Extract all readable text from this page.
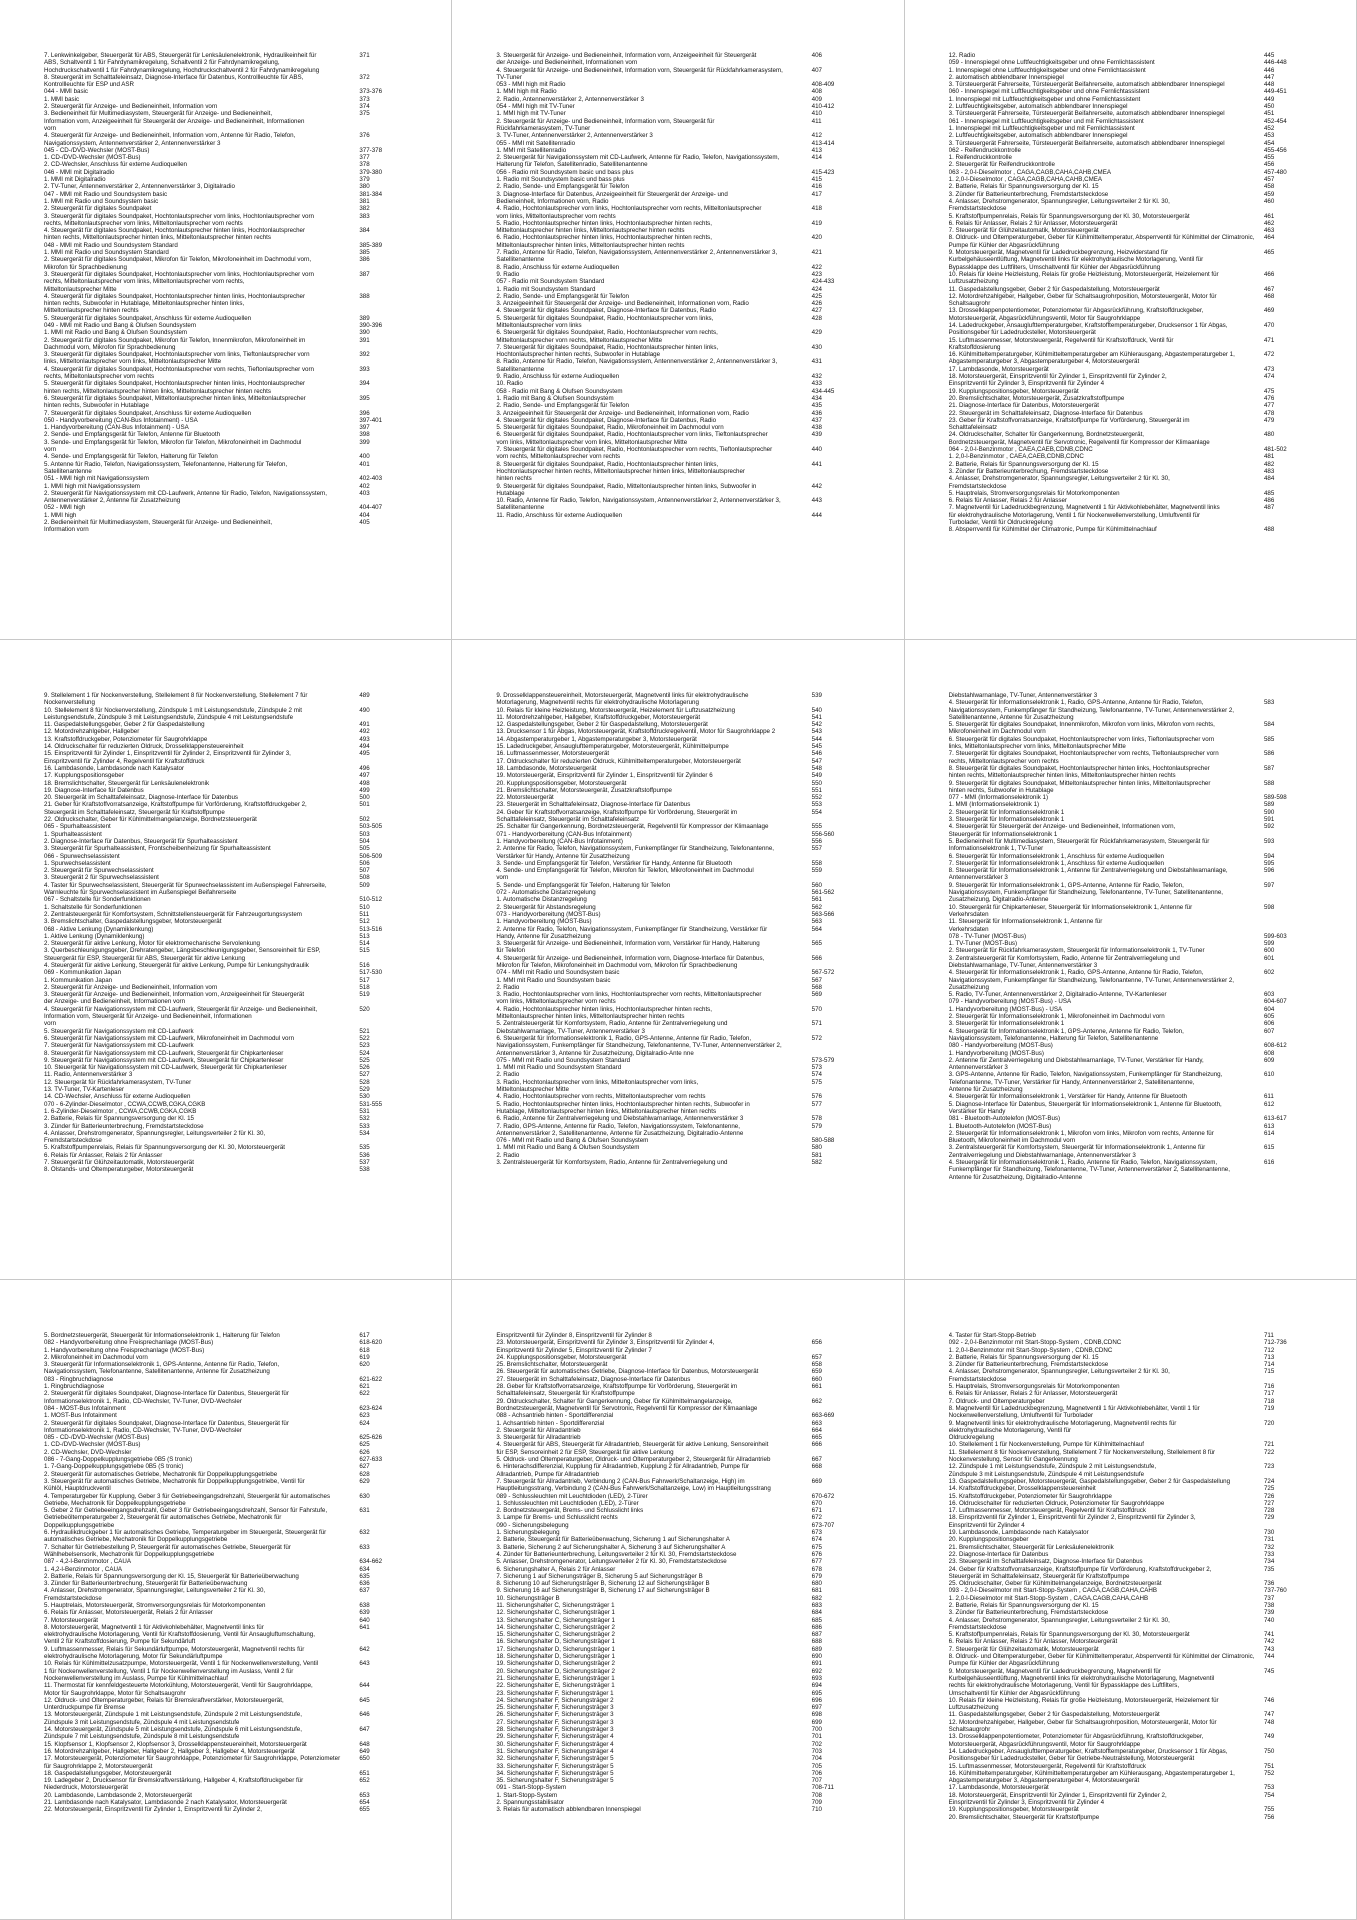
7. Lenkwinkelgeber, Steuergerät für ABS, Steuergerät für Lenksäulenelektronik, Hydraulikeinheit für	371
ABS, Schaltventil 1 für Fahrdynamikregelung, Schaltventil 2 für Fahrdynamikregelung,
Hochdruckschaltventil 1 für Fahrdynamikregelung, Hochdruckschaltventil 2 für Fahrdynamikregelung
8. Steuergerät im Schalttafeleinsatz, Diagnose-Interface für Datenbus, Kontrollleuchte für ABS,	372
Kontrollleuchte für ESP und ASR
044 - MMI basic	373-376
1. MMI basic	373
2. Steuergerät für Anzeige- und Bedieneinheit, Information vorn	374
3. Bedieneinheit für Multimediasystem, Steuergerät für Anzeige- und Bedieneinheit,	375
Information vorn, Anzeigeeinheit für Steuergerät der Anzeige- und Bedieneinheit, Informationen
vorn
4. Steuergerät für Anzeige- und Bedieneinheit, Information vorn, Antenne für Radio, Telefon,	376
Navigationssystem, Antennenverstärker 2, Antennenverstärker 3
045 - CD-/DVD-Wechsler (MOST-Bus)	377-378
1. CD-/DVD-Wechsler (MOST-Bus)	377
2. CD-Wechsler, Anschluss für externe Audioquellen	378
046 - MMI mit Digitalradio	379-380
1. MMI mit Digitalradio	379
2. TV-Tuner, Antennenverstärker 2, Antennenverstärker 3, Digitalradio	380
047 - MMI mit Radio und Soundsystem basic	381-384
1. MMI mit Radio und Soundsystem basic	381
2. Steuergerät für digitales Soundpaket	382
3. Steuergerät für digitales Soundpaket, Hochtonlautsprecher vorn links, Hochtonlautsprecher vorn	383
rechts, Mitteltonlautsprecher vorn links, Mitteltonlautsprecher vorn rechts
4. Steuergerät für digitales Soundpaket, Hochtonlautsprecher hinten links, Hochtonlautsprecher	384
hinten rechts, Mitteltonlautsprecher hinten links, Mitteltonlautsprecher hinten rechts
048 - MMI mit Radio und Soundsystem Standard	385-389
1. MMI mit Radio und Soundsystem Standard	385
2. Steuergerät für digitales Soundpaket, Mikrofon für Telefon, Mikrofoneinheit im Dachmodul vorn,	386
Mikrofon für Sprachbedienung
3. Steuergerät für digitales Soundpaket, Hochtonlautsprecher vorn links, Hochtonlautsprecher vorn	387
rechts, Mitteltonlautsprecher vorn links, Mitteltonlautsprecher vorn rechts,
Mitteltonlautsprecher Mitte
4. Steuergerät für digitales Soundpaket, Hochtonlautsprecher hinten links, Hochtonlautsprecher	388
hinten rechts, Subwoofer in Hutablage, Mitteltonlautsprecher hinten links,
Mitteltonlautsprecher hinten rechts
5. Steuergerät für digitales Soundpaket, Anschluss für externe Audioquellen	389
049 - MMI mit Radio und Bang & Olufsen Soundsystem	390-396
1. MMI mit Radio und Bang & Olufsen Soundsystem	390
2. Steuergerät für digitales Soundpaket, Mikrofon für Telefon, Innenmikrofon, Mikrofoneinheit im	391
Dachmodul vorn, Mikrofon für Sprachbedienung
3. Steuergerät für digitales Soundpaket, Hochtonlautsprecher vorn links, Tieftonlautsprecher vorn	392
links, Mitteltonlautsprecher vorn links, Mitteltonlautsprecher Mitte
4. Steuergerät für digitales Soundpaket, Hochtonlautsprecher vorn rechts, Tieftonlautsprecher vorn	393
rechts, Mitteltonlautsprecher vorn rechts
5. Steuergerät für digitales Soundpaket, Hochtonlautsprecher hinten links, Hochtonlautsprecher	394
hinten rechts, Mitteltonlautsprecher hinten links, Mitteltonlautsprecher hinten rechts
6. Steuergerät für digitales Soundpaket, Mitteltonlautsprecher hinten links, Mitteltonlautsprecher	395
hinten rechts, Subwoofer in Hutablage
7. Steuergerät für digitales Soundpaket, Anschluss für externe Audioquellen	396
050 - Handyvorbereitung (CAN-Bus Infotainment) - USA	397-401
1. Handyvorbereitung (CAN-Bus Infotainment) - USA	397
2. Sende- und Empfangsgerät für Telefon, Antenne für Bluetooth	398
3. Sende- und Empfangsgerät für Telefon, Mikrofon für Telefon, Mikrofoneinheit im Dachmodul	399
vorn
4. Sende- und Empfangsgerät für Telefon, Halterung für Telefon	400
5. Antenne für Radio, Telefon, Navigationssystem, Telefonantenne, Halterung für Telefon,	401
Satellitenantenne
051 - MMI high mit Navigationssystem	402-403
1. MMI high mit Navigationssystem	402
2. Steuergerät für Navigationssystem mit CD-Laufwerk, Antenne für Radio, Telefon, Navigationssystem,	403
Antennenverstärker 2, Antenne für Zusatzheizung
052 - MMI high	404-407
1. MMI high	404
2. Bedieneinheit für Multimediasystem, Steuergerät für Anzeige- und Bedieneinheit,	405
Information vorn
3. Steuergerät für Anzeige- und Bedieneinheit, Information vorn, Anzeigeeinheit für Steuergerät	406
der Anzeige- und Bedieneinheit, Informationen vorn
4. Steuergerät für Anzeige- und Bedieneinheit, Information vorn, Steuergerät für Rückfahrkamerasystem,	407
TV-Tuner
053 - MMI high mit Radio	408-409
1. MMI high mit Radio	408
2. Radio, Antennenverstärker 2, Antennenverstärker 3	409
054 - MMI high mit TV-Tuner	410-412
1. MMI high mit TV-Tuner	410
2. Steuergerät für Anzeige- und Bedieneinheit, Information vorn, Steuergerät für	411
Rückfahrkamerasystem, TV-Tuner
3. TV-Tuner, Antennenverstärker 2, Antennenverstärker 3	412
055 - MMI mit Satellitenradio	413-414
1. MMI mit Satellitenradio	413
2. Steuergerät für Navigationssystem mit CD-Laufwerk, Antenne für Radio, Telefon, Navigationssystem,	414
Halterung für Telefon, Satellitenradio, Satellitenantenne
056 - Radio mit Soundsystem basic und bass plus	415-423
1. Radio mit Soundsystem basic und bass plus	415
2. Radio, Sende- und Empfangsgerät für Telefon	416
3. Diagnose-Interface für Datenbus, Anzeigeeinheit für Steuergerät der Anzeige- und	417
Bedieneinheit, Informationen vorn, Radio
4. Radio, Hochtonlautsprecher vorn links, Hochtonlautsprecher vorn rechts, Mitteltonlautsprecher	418
vorn links, Mitteltonlautsprecher vorn rechts
5. Radio, Hochtonlautsprecher hinten links, Hochtonlautsprecher hinten rechts,	419
Mitteltonlautsprecher hinten links, Mitteltonlautsprecher hinten rechts
6. Radio, Hochtonlautsprecher hinten links, Hochtonlautsprecher hinten rechts,	420
Mitteltonlautsprecher hinten links, Mitteltonlautsprecher hinten rechts
7. Radio, Antenne für Radio, Telefon, Navigationssystem, Antennenverstärker 2, Antennenverstärker 3,	421
Satellitenantenne
8. Radio, Anschluss für externe Audioquellen	422
9. Radio	423
057 - Radio mit Soundsystem Standard	424-433
1. Radio mit Soundsystem Standard	424
2. Radio, Sende- und Empfangsgerät für Telefon	425
3. Anzeigeeinheit für Steuergerät der Anzeige- und Bedieneinheit, Informationen vorn, Radio	426
4. Steuergerät für digitales Soundpaket, Diagnose-Interface für Datenbus, Radio	427
5. Steuergerät für digitales Soundpaket, Radio, Hochtonlautsprecher vorn links,	428
Mitteltonlautsprecher vorn links
6. Steuergerät für digitales Soundpaket, Radio, Hochtonlautsprecher vorn rechts,	429
Mitteltonlautsprecher vorn rechts, Mitteltonlautsprecher Mitte
7. Steuergerät für digitales Soundpaket, Radio, Hochtonlautsprecher hinten links,	430
Hochtonlautsprecher hinten rechts, Subwoofer in Hutablage
8. Radio, Antenne für Radio, Telefon, Navigationssystem, Antennenverstärker 2, Antennenverstärker 3,	431
Satellitenantenne
9. Radio, Anschluss für externe Audioquellen	432
10. Radio	433
058 - Radio mit Bang & Olufsen Soundsystem	434-445
1. Radio mit Bang & Olufsen Soundsystem	434
2. Radio, Sende- und Empfangsgerät für Telefon	435
3. Anzeigeeinheit für Steuergerät der Anzeige- und Bedieneinheit, Informationen vorn, Radio	436
4. Steuergerät für digitales Soundpaket, Diagnose-Interface für Datenbus, Radio	437
5. Steuergerät für digitales Soundpaket, Radio, Mikrofoneinheit im Dachmodul vorn	438
6. Steuergerät für digitales Soundpaket, Radio, Hochtonlautsprecher vorn links, Tieftonlautsprecher	439
vorn links, Mitteltonlautsprecher vorn links, Mitteltonlautsprecher Mitte
7. Steuergerät für digitales Soundpaket, Radio, Hochtonlautsprecher vorn rechts, Tieftonlautsprecher	440
vorn rechts, Mitteltonlautsprecher vorn rechts
8. Steuergerät für digitales Soundpaket, Radio, Hochtonlautsprecher hinten links,	441
Hochtonlautsprecher hinten rechts, Mitteltonlautsprecher hinten links, Mitteltonlautsprecher
hinten rechts
9. Steuergerät für digitales Soundpaket, Radio, Mitteltonlautsprecher hinten links, Subwoofer in	442
Hutablage
10. Radio, Antenne für Radio, Telefon, Navigationssystem, Antennenverstärker 2, Antennenverstärker 3,	443
Satellitenantenne
11. Radio, Anschluss für externe Audioquellen	444
12. Radio	445
059 - Innenspiegel ohne Luftfeuchtigkeitsgeber und ohne Fernlichtassistent	446-448
1. Innenspiegel ohne Luftfeuchtigkeitsgeber und ohne Fernlichtassistent	446
2. automatisch abblendbarer Innenspiegel	447
3. Türsteuergerät Fahrerseite, Türsteuergerät Beifahrerseite, automatisch abblendbarer Innenspiegel	448
060 - Innenspiegel mit Luftfeuchtigkeitsgeber und ohne Fernlichtassistent	449-451
1. Innenspiegel mit Luftfeuchtigkeitsgeber und ohne Fernlichtassistent	449
2. Luftfeuchtigkeitsgeber, automatisch abblendbarer Innenspiegel	450
3. Türsteuergerät Fahrerseite, Türsteuergerät Beifahrerseite, automatisch abblendbarer Innenspiegel	451
061 - Innenspiegel mit Luftfeuchtigkeitsgeber und mit Fernlichtassistent	452-454
1. Innenspiegel mit Luftfeuchtigkeitsgeber und mit Fernlichtassistent	452
2. Luftfeuchtigkeitsgeber, automatisch abblendbarer Innenspiegel	453
3. Türsteuergerät Fahrerseite, Türsteuergerät Beifahrerseite, automatisch abblendbarer Innenspiegel	454
062 - Reifendruckkontrolle	455-456
1. Reifendruckkontrolle	455
2. Steuergerät für Reifendruckkontrolle	456
063 - 2,0-l-Dieselmotor , CAGA,CAGB,CAHA,CAHB,CMEA	457-480
1. 2,0-l-Dieselmotor , CAGA,CAGB,CAHA,CAHB,CMEA	457
2. Batterie, Relais für Spannungsversorgung der Kl. 15	458
3. Zünder für Batterieunterbrechung, Fremdstartsteckdose	459
4. Anlasser, Drehstromgenerator, Spannungsregler, Leitungsverteiler 2 für Kl. 30,	460
Fremdstartsteckdose
5. Kraftstoffpumpenrelais, Relais für Spannungsversorgung der Kl. 30, Motorsteuergerät	461
6. Relais für Anlasser, Relais 2 für Anlasser, Motorsteuergerät	462
7. Steuergerät für Glühzeitautomatik, Motorsteuergerät	463
8. Öldruck- und Öltemperaturgeber, Geber für Kühlmitteltemperatur, Absperrventil für Kühlmittel der Climatronic,	464
Pumpe für Kühler der Abgasrückführung
9. Motorsteuergerät, Magnetventil für Ladedruckbegrenzung, Heizwiderstand für	465
Kurbelgehäuseentlüftung, Magnetventil links für elektrohydraulische Motorlagerung, Ventil für
Bypassklappe des Luftfilters, Umschaltventil für Kühler der Abgasrückführung
10. Relais für kleine Heizleistung, Relais für große Heizleistung, Motorsteuergerät, Heizelement für	466
Luftzusatzheizung
11. Gaspedalstellungsgeber, Geber 2 für Gaspedalstellung, Motorsteuergerät	467
12. Motordrehzahlgeber, Hallgeber, Geber für Schaltsaugrohrposition, Motorsteuergerät, Motor für	468
Schaltsaugrohr
13. Drosselklappenpotentiometer, Potenziometer für Abgasrückführung, Kraftstoffdruckgeber,	469
Motorsteuergerät, Abgasrückführungsventil, Motor für Saugrohrklappe
14. Ladedruckgeber, Ansauglufttemperaturgeber, Kraftstofftemperaturgeber, Drucksensor 1 für Abgas,	470
Positionsgeber für Ladedrucksteller, Motorsteuergerät
15. Luftmassenmesser, Motorsteuergerät, Regelventil für Kraftstoffdruck, Ventil für	471
Kraftstoffdosierung
16. Kühlmitteltemperaturgeber, Kühlmitteltemperaturgeber am Kühlerausgang, Abgastemperaturgeber 1,	472
Abgastemperaturgeber 3, Abgastemperaturgeber 4, Motorsteuergerät
17. Lambdasonde, Motorsteuergerät	473
18. Motorsteuergerät, Einspritzventil für Zylinder 1, Einspritzventil für Zylinder 2,	474
Einspritzventil für Zylinder 3, Einspritzventil für Zylinder 4
19. Kupplungspositionsgeber, Motorsteuergerät	475
20. Bremslichtschalter, Motorsteuergerät, Zusatzkraftstoffpumpe	476
21. Diagnose-Interface für Datenbus, Motorsteuergerät	477
22. Steuergerät im Schalttafeleinsatz, Diagnose-Interface für Datenbus	478
23. Geber für Kraftstoffvorratsanzeige, Kraftstoffpumpe für Vorförderung, Steuergerät im	479
Schalttafeleinsatz
24. Öldruckschalter, Schalter für Gangerkennung, Bordnetzsteuergerät,	480
Bordnetzsteuergerät, Magnetventil für Servotronic, Regelventil für Kompressor der Klimaanlage
064 - 2,0-l-Benzinmotor , CAEA,CAEB,CDNB,CDNC	481-502
1. 2,0-l-Benzinmotor , CAEA,CAEB,CDNB,CDNC	481
2. Batterie, Relais für Spannungsversorgung der Kl. 15	482
3. Zünder für Batterieunterbrechung, Fremdstartsteckdose	483
4. Anlasser, Drehstromgenerator, Spannungsregler, Leitungsverteiler 2 für Kl. 30,	484
Fremdstartsteckdose
5. Hauptrelais, Stromversorgungsrelais für Motorkomponenten	485
6. Relais für Anlasser, Relais 2 für Anlasser	486
7. Magnetventil für Ladedruckbegrenzung, Magnetventil 1 für Aktivkohlebehälter, Magnetventil links	487
für elektrohydraulische Motorlagerung, Ventil 1 für Nockenwellenverstellung, Umluftventil für
Turbolader, Ventil für Öldruckregelung
8. Absperrventil für Kühlmittel der Climatronic, Pumpe für Kühlmittelnachlauf	488
9. Stellelement 1 für Nockenverstellung, Stellelement 8 für Nockenverstellung, Stellelement 7 für	489
Nockenverstellung
10. Stellelement 8 für Nockenverstellung, Zündspule 1 mit Leistungsendstufe, Zündspule 2 mit	490
Leistungsendstufe, Zündspule 3 mit Leistungsendstufe, Zündspule 4 mit Leistungsendstufe
11. Gaspedalstellungsgeber, Geber 2 für Gaspedalstellung	491
12. Motordrehzahlgeber, Hallgeber	492
13. Kraftstoffdruckgeber, Potenziometer für Saugrohrklappe	493
14. Öldruckschalter für reduzierten Öldruck, Drosselklappensteuereinheit	494
15. Einspritzventil für Zylinder 1, Einspritzventil für Zylinder 2, Einspritzventil für Zylinder 3,	495
Einspritzventil für Zylinder 4, Regelventil für Kraftstoffdruck
16. Lambdasonde, Lambdasonde nach Katalysator	496
17. Kupplungspositionsgeber	497
18. Bremslichtschalter, Steuergerät für Lenksäulenelektronik	498
19. Diagnose-Interface für Datenbus	499
20. Steuergerät im Schalttafeleinsatz, Diagnose-Interface für Datenbus	500
21. Geber für Kraftstoffvorratsanzeige, Kraftstoffpumpe für Vorförderung, Kraftstoffdruckgeber 2,	501
Steuergerät im Schalttafeleinsatz, Steuergerät für Kraftstoffpumpe
22. Öldruckschalter, Geber für Kühlmittelmangelanzeige, Bordnetzsteuergerät	502
065 - Spurhalteassistent	503-505
1. Spurhalteassistent	503
2. Diagnose-Interface für Datenbus, Steuergerät für Spurhalteassistent	504
3. Steuergerät für Spurhalteassistent, Frontscheibenheizung für Spurhalteassistent	505
066 - Spurwechselassistent	506-509
1. Spurwechselassistent	506
2. Steuergerät für Spurwechselassistent	507
3. Steuergerät 2 für Spurwechselassistent	508
4. Taster für Spurwechselassistent, Steuergerät für Spurwechselassistent im Außenspiegel Fahrerseite,	509
Warnleuchte für Spurwechselassistent im Außenspiegel Beifahrerseite
067 - Schaltstelle für Sonderfunktionen	510-512
1. Schaltstelle für Sonderfunktionen	510
2. Zentralsteuergerät für Komfortsystem, Schnittstellensteuergerät für Fahrzeugortungssystem	511
3. Bremslichtschalter, Gaspedalstellungsgeber, Motorsteuergerät	512
068 - Aktive Lenkung (Dynamiklenkung)	513-516
1. Aktive Lenkung (Dynamiklenkung)	513
2. Steuergerät für aktive Lenkung, Motor für elektromechanische Servolenkung	514
3. Querbeschleunigungsgeber, Drehratengeber, Längsbeschleunigungsgeber, Sensoreinheit für ESP,	515
Steuergerät für ESP, Steuergerät für ABS, Steuergerät für aktive Lenkung
4. Steuergerät für aktive Lenkung, Steuergerät für aktive Lenkung, Pumpe für Lenkungshydraulik	516
069 - Kommunikation Japan	517-530
1. Kommunikation Japan	517
2. Steuergerät für Anzeige- und Bedieneinheit, Information vorn	518
3. Steuergerät für Anzeige- und Bedieneinheit, Information vorn, Anzeigeeinheit für Steuergerät	519
der Anzeige- und Bedieneinheit, Informationen vorn
4. Steuergerät für Navigationssystem mit CD-Laufwerk, Steuergerät für Anzeige- und Bedieneinheit,	520
Information vorn, Steuergerät für Anzeige- und Bedieneinheit, Informationen
vorn
5. Steuergerät für Navigationssystem mit CD-Laufwerk	521
6. Steuergerät für Navigationssystem mit CD-Laufwerk, Mikrofoneinheit im Dachmodul vorn	522
7. Steuergerät für Navigationssystem mit CD-Laufwerk	523
8. Steuergerät für Navigationssystem mit CD-Laufwerk, Steuergerät für Chipkartenleser	524
9. Steuergerät für Navigationssystem mit CD-Laufwerk, Steuergerät für Chipkartenleser	525
10. Steuergerät für Navigationssystem mit CD-Laufwerk, Steuergerät für Chipkartenleser	526
11. Radio, Antennenverstärker 3	527
12. Steuergerät für Rückfahrkamerasystem, TV-Tuner	528
13. TV-Tuner, TV-Kartenleser	529
14. CD-Wechsler, Anschluss für externe Audioquellen	530
070 - 6-Zylinder-Dieselmotor , CCWA,CCWB,CGKA,CGKB	531-555
1. 6-Zylinder-Dieselmotor , CCWA,CCWB,CGKA,CGKB	531
2. Batterie, Relais für Spannungsversorgung der Kl. 15	532
3. Zünder für Batterieunterbrechung, Fremdstartsteckdose	533
4. Anlasser, Drehstromgenerator, Spannungsregler, Leitungsverteiler 2 für Kl. 30,	534
Fremdstartsteckdose
5. Kraftstoffpumpenrelais, Relais für Spannungsversorgung der Kl. 30, Motorsteuergerät	535
6. Relais für Anlasser, Relais 2 für Anlasser	536
7. Steuergerät für Glühzeitautomatik, Motorsteuergerät	537
8. Ölstands- und Öltemperaturgeber, Motorsteuergerät	538
9. Drosselklappensteuereinheit, Motorsteuergerät, Magnetventil links für elektrohydraulische	539
Motorlagerung, Magnetventil rechts für elektrohydraulische Motorlagerung
10. Relais für kleine Heizleistung, Motorsteuergerät, Heizelement für Luftzusatzheizung	540
11. Motordrehzahlgeber, Hallgeber, Kraftstoffdruckgeber, Motorsteuergerät	541
12. Gaspedalstellungsgeber, Geber 2 für Gaspedalstellung, Motorsteuergerät	542
13. Drucksensor 1 für Abgas, Motorsteuergerät, Kraftstoffdruckregelventil, Motor für Saugrohrklappe 2	543
14. Abgastemperaturgeber 1, Abgastemperaturgeber 3, Motorsteuergerät	544
15. Ladedruckgeber, Ansauglufttemperaturgeber, Motorsteuergerät, Kühlmittelpumpe	545
16. Luftmassenmesser, Motorsteuergerät	546
17. Öldruckschalter für reduzierten Öldruck, Kühlmitteltemperaturgeber, Motorsteuergerät	547
18. Lambdasonde, Motorsteuergerät	548
19. Motorsteuergerät, Einspritzventil für Zylinder 1, Einspritzventil für Zylinder 6	549
20. Kupplungspositionsgeber, Motorsteuergerät	550
21. Bremslichtschalter, Motorsteuergerät, Zusatzkraftstoffpumpe	551
22. Motorsteuergerät	552
23. Steuergerät im Schalttafeleinsatz, Diagnose-Interface für Datenbus	553
24. Geber für Kraftstoffvorratsanzeige, Kraftstoffpumpe für Vorförderung, Steuergerät im	554
Schalttafeleinsatz, Steuergerät im Schalttafeleinsatz
25. Schalter für Gangerkennung, Bordnetzsteuergerät, Regelventil für Kompressor der Klimaanlage	555
071 - Handyvorbereitung (CAN-Bus Infotainment)	556-560
1. Handyvorbereitung (CAN-Bus Infotainment)	556
2. Antenne für Radio, Telefon, Navigationssystem, Funkempfänger für Standheizung, Telefonantenne,	557
Verstärker für Handy, Antenne für Zusatzheizung
3. Sende- und Empfangsgerät für Telefon, Verstärker für Handy, Antenne für Bluetooth	558
4. Sende- und Empfangsgerät für Telefon, Mikrofon für Telefon, Mikrofoneinheit im Dachmodul	559
vorn
5. Sende- und Empfangsgerät für Telefon, Halterung für Telefon	560
072 - Automatische Distanzregelung	561-562
1. Automatische Distanzregelung	561
2. Steuergerät für Abstandsregelung	562
073 - Handyvorbereitung (MOST-Bus)	563-566
1. Handyvorbereitung (MOST-Bus)	563
2. Antenne für Radio, Telefon, Navigationssystem, Funkempfänger für Standheizung, Verstärker für	564
Handy, Antenne für Zusatzheizung
3. Steuergerät für Anzeige- und Bedieneinheit, Information vorn, Verstärker für Handy, Halterung	565
für Telefon
4. Steuergerät für Anzeige- und Bedieneinheit, Information vorn, Diagnose-Interface für Datenbus,	566
Mikrofon für Telefon, Mikrofoneinheit im Dachmodul vorn, Mikrofon für Sprachbedienung
074 - MMI mit Radio und Soundsystem basic	567-572
1. MMI mit Radio und Soundsystem basic	567
2. Radio	568
3. Radio, Hochtonlautsprecher vorn links, Hochtonlautsprecher vorn rechts, Mitteltonlautsprecher	569
vorn links, Mitteltonlautsprecher vorn rechts
4. Radio, Hochtonlautsprecher hinten links, Hochtonlautsprecher hinten rechts,	570
Mitteltonlautsprecher hinten links, Mitteltonlautsprecher hinten rechts
5. Zentralsteuergerät für Komfortsystem, Radio, Antenne für Zentralverriegelung und	571
Diebstahlwarnanlage, TV-Tuner, Antennenverstärker 3
6. Steuergerät für Informationselektronik 1, Radio, GPS-Antenne, Antenne für Radio, Telefon,	572
Navigationssystem, Funkempfänger für Standheizung, Telefonantenne, TV-Tuner, Antennenverstärker 2,
Antennenverstärker 3, Antenne für Zusatzheizung, Digitalradio-Ante nne
075 - MMI mit Radio und Soundsystem Standard	573-579
1. MMI mit Radio und Soundsystem Standard	573
2. Radio	574
3. Radio, Hochtonlautsprecher vorn links, Mitteltonlautsprecher vorn links,	575
Mitteltonlautsprecher Mitte
4. Radio, Hochtonlautsprecher vorn rechts, Mitteltonlautsprecher vorn rechts	576
5. Radio, Hochtonlautsprecher hinten links, Hochtonlautsprecher hinten rechts, Subwoofer in	577
Hutablage, Mitteltonlautsprecher hinten links, Mitteltonlautsprecher hinten rechts
6. Radio, Antenne für Zentralverriegelung und Diebstahlwarnanlage, Antennenverstärker 3	578
7. Radio, GPS-Antenne, Antenne für Radio, Telefon, Navigationssystem, Telefonantenne,	579
Antennenverstärker 2, Satellitenantenne, Antenne für Zusatzheizung, Digitalradio-Antenne
076 - MMI mit Radio und Bang & Olufsen Soundsystem	580-588
1. MMI mit Radio und Bang & Olufsen Soundsystem	580
2. Radio	581
3. Zentralsteuergerät für Komfortsystem, Radio, Antenne für Zentralverriegelung und	582
Diebstahlwarnanlage, TV-Tuner, Antennenverstärker 3
4. Steuergerät für Informationselektronik 1, Radio, GPS-Antenne, Antenne für Radio, Telefon,	583
Navigationssystem, Funkempfänger für Standheizung, Telefonantenne, TV-Tuner, Antennenverstärker 2,
Satellitenantenne, Antenne für Zusatzheizung
5. Steuergerät für digitales Soundpaket, Innenmikrofon, Mikrofon vorn links, Mikrofon vorn rechts,	584
Mikrofoneinheit im Dachmodul vorn
6. Steuergerät für digitales Soundpaket, Hochtonlautsprecher vorn links, Tieftonlautsprecher vorn	585
links, Mitteltonlautsprecher vorn links, Mitteltonlautsprecher Mitte
7. Steuergerät für digitales Soundpaket, Hochtonlautsprecher vorn rechts, Tieftonlautsprecher vorn	586
rechts, Mitteltonlautsprecher vorn rechts
8. Steuergerät für digitales Soundpaket, Hochtonlautsprecher hinten links, Hochtonlautsprecher	587
hinten rechts, Mitteltonlautsprecher hinten links, Mitteltonlautsprecher hinten rechts
9. Steuergerät für digitales Soundpaket, Mitteltonlautsprecher hinten links, Mitteltonlautsprecher	588
hinten rechts, Subwoofer in Hutablage
077 - MMI (Informationselektronik 1)	589-598
1. MMI (Informationselektronik 1)	589
2. Steuergerät für Informationselektronik 1	590
3. Steuergerät für Informationselektronik 1	591
4. Steuergerät für Steuergerät der Anzeige- und Bedieneinheit, Informationen vorn,	592
Steuergerät für Informationselektronik 1
5. Bedieneinheit für Multimediasystem, Steuergerät für Rückfahrkamerasystem, Steuergerät für	593
Informationselektronik 1, TV-Tuner
6. Steuergerät für Informationselektronik 1, Anschluss für externe Audioquellen	594
7. Steuergerät für Informationselektronik 1, Anschluss für externe Audioquellen	595
8. Steuergerät für Informationselektronik 1, Antenne für Zentralverriegelung und Diebstahlwarnanlage,	596
Antennenverstärker 3
9. Steuergerät für Informationselektronik 1, GPS-Antenne, Antenne für Radio, Telefon,	597
Navigationssystem, Funkempfänger für Standheizung, Telefonantenne, TV-Tuner, Satellitenantenne,
Zusatzheizung, Digitalradio-Antenne
10. Steuergerät für Chipkartenleser, Steuergerät für Informationselektronik 1, Antenne für	598
Verkehrsdaten
11. Steuergerät für Informationselektronik 1, Antenne für
Verkehrsdaten
078 - TV-Tuner (MOST-Bus)	599-603
1. TV-Tuner (MOST-Bus)	599
2. Steuergerät für Rückfahrkamerasystem, Steuergerät für Informationselektronik 1, TV-Tuner	600
3. Zentralsteuergerät für Komfortsystem, Radio, Antenne für Zentralverriegelung und	601
Diebstahlwarnanlage, TV-Tuner, Antennenverstärker 3
4. Steuergerät für Informationselektronik 1, Radio, GPS-Antenne, Antenne für Radio, Telefon,	602
Navigationssystem, Funkempfänger für Standheizung, Telefonantenne, TV-Tuner, Antennenverstärker 2,
Zusatzheizung
5. Radio, TV-Tuner, Antennenverstärker 2, Digitalradio-Antenne, TV-Kartenleser	603
079 - Handyvorbereitung (MOST-Bus) - USA	604-607
1. Handyvorbereitung (MOST-Bus) - USA	604
2. Steuergerät für Informationselektronik 1, Mikrofoneinheit im Dachmodul vorn	605
3. Steuergerät für Informationselektronik 1	606
4. Steuergerät für Informationselektronik 1, GPS-Antenne, Antenne für Radio, Telefon,	607
Navigationssystem, Telefonantenne, Halterung für Telefon, Satellitenantenne
080 - Handyvorbereitung (MOST-Bus)	608-612
1. Handyvorbereitung (MOST-Bus)	608
2. Antenne für Zentralverriegelung und Diebstahlwarnanlage, TV-Tuner, Verstärker für Handy,	609
Antennenverstärker 3
3. GPS-Antenne, Antenne für Radio, Telefon, Navigationssystem, Funkempfänger für Standheizung,	610
Telefonantenne, TV-Tuner, Verstärker für Handy, Antennenverstärker 2, Satellitenantenne,
Antenne für Zusatzheizung
4. Steuergerät für Informationselektronik 1, Verstärker für Handy, Antenne für Bluetooth	611
5. Diagnose-Interface für Datenbus, Steuergerät für Informationselektronik 1, Antenne für Bluetooth,	612
Verstärker für Handy
081 - Bluetooth-Autotelefon (MOST-Bus)	613-617
1. Bluetooth-Autotelefon (MOST-Bus)	613
2. Steuergerät für Informationselektronik 1, Mikrofon vorn links, Mikrofon vorn rechts, Antenne für	614
Bluetooth, Mikrofoneinheit im Dachmodul vorn
3. Zentralsteuergerät für Komfortsystem, Steuergerät für Informationselektronik 1, Antenne für	615
Zentralverriegelung und Diebstahlwarnanlage, Antennenverstärker 3
4. Steuergerät für Informationselektronik 1, Radio, Antenne für Radio, Telefon, Navigationssystem,	616
Funkempfänger für Standheizung, Telefonantenne, TV-Tuner, Antennenverstärker 2, Satellitenantenne,
Antenne für Zusatzheizung, Digitalradio-Antenne
5. Bordnetzsteuergerät, Steuergerät für Informationselektronik 1, Halterung für Telefon	617
082 - Handyvorbereitung ohne Freisprechanlage (MOST-Bus)	618-620
1. Handyvorbereitung ohne Freisprechanlage (MOST-Bus)	618
2. Mikrofoneinheit im Dachmodul vorn	619
3. Steuergerät für Informationselektronik 1, GPS-Antenne, Antenne für Radio, Telefon,	620
Navigationssystem, Telefonantenne, Satellitenantenne, Antenne für Zusatzheizung
083 - Ringbruchdiagnose	621-622
1. Ringbruchdiagnose	621
2. Steuergerät für digitales Soundpaket, Diagnose-Interface für Datenbus, Steuergerät für	622
Informationselektronik 1, Radio, CD-Wechsler, TV-Tuner, DVD-Wechsler
084 - MOST-Bus Infotainment	623-624
1. MOST-Bus Infotainment	623
2. Steuergerät für digitales Soundpaket, Diagnose-Interface für Datenbus, Steuergerät für	624
Informationselektronik 1, Radio, CD-Wechsler, TV-Tuner, DVD-Wechsler
085 - CD-/DVD-Wechsler (MOST-Bus)	625-626
1. CD-/DVD-Wechsler (MOST-Bus)	625
2. CD-Wechsler, DVD-Wechsler	626
086 - 7-Gang-Doppelkupplungsgetriebe 0B5 (S tronic)	627-633
1. 7-Gang-Doppelkupplungsgetriebe 0B5 (S tronic)	627
2. Steuergerät für automatisches Getriebe, Mechatronik für Doppelkupplungsgetriebe	628
3. Steuergerät für automatisches Getriebe, Mechatronik für Doppelkupplungsgetriebe, Ventil für	629
Kühlöl, Hauptdruckventil
4. Temperaturgeber für Kupplung, Geber 3 für Getriebeeingangsdrehzahl, Steuergerät für automatisches	630
Getriebe, Mechatronik für Doppelkupplungsgetriebe
5. Geber 2 für Getriebeeingangsdrehzahl, Geber 3 für Getriebeeingangsdrehzahl, Sensor für Fahrstufe,	631
Getriebeöltemperaturgeber 2, Steuergerät für automatisches Getriebe, Mechatronik für
Doppelkupplungsgetriebe
6. Hydraulikdruckgeber 1 für automatisches Getriebe, Temperaturgeber im Steuergerät, Steuergerät für	632
automatisches Getriebe, Mechatronik für Doppelkupplungsgetriebe
7. Schalter für Getriebestellung P, Steuergerät für automatisches Getriebe, Steuergerät für	633
Wählhebelsensorik, Mechatronik für Doppelkupplungsgetriebe
087 - 4,2-l-Benzinmotor , CAUA	634-662
1. 4,2-l-Benzinmotor , CAUA	634
2. Batterie, Relais für Spannungsversorgung der Kl. 15, Steuergerät für Batterieüberwachung	635
3. Zünder für Batterieunterbrechung, Steuergerät für Batterieüberwachung	636
4. Anlasser, Drehstromgenerator, Spannungsregler, Leitungsverteiler 2 für Kl. 30,	637
Fremdstartsteckdose
5. Hauptrelais, Motorsteuergerät, Stromversorgungsrelais für Motorkomponenten	638
6. Relais für Anlasser, Motorsteuergerät, Relais 2 für Anlasser	639
7. Motorsteuergerät	640
8. Motorsteuergerät, Magnetventil 1 für Aktivkohlebehälter, Magnetventil links für	641
elektrohydraulische Motorlagerung, Ventil für Kraftstoffdosierung, Ventil für Ansaugluftumschaltung,
Ventil 2 für Kraftstoffdosierung, Pumpe für Sekundärluft
9. Luftmassenmesser, Relais für Sekundärluftpumpe, Motorsteuergerät, Magnetventil rechts für	642
elektrohydraulische Motorlagerung, Motor für Sekundärluftpumpe
10. Relais für Kühlmittelzusatzpumpe, Motorsteuergerät, Ventil 1 für Nockenwellenverstellung, Ventil	643
1 für Nockenwellenverstellung, Ventil 1 für Nockenwellenverstellung im Auslass, Ventil 2 für
Nockenwellenverstellung im Auslass, Pumpe für Kühlmittelnachlauf
11. Thermostat für kennfeldgesteuerte Motorkühlung, Motorsteuergerät, Ventil für Saugrohrklappe,	644
Motor für Saugrohrklappe, Motor für Schaltsaugrohr
12. Öldruck- und Öltemperaturgeber, Relais für Bremskraftverstärker, Motorsteuergerät,	645
Unterdruckpumpe für Bremse
13. Motorsteuergerät, Zündspule 1 mit Leistungsendstufe, Zündspule 2 mit Leistungsendstufe,	646
Zündspule 3 mit Leistungsendstufe, Zündspule 4 mit Leistungsendstufe
14. Motorsteuergerät, Zündspule 5 mit Leistungsendstufe, Zündspule 6 mit Leistungsendstufe,	647
Zündspule 7 mit Leistungsendstufe, Zündspule 8 mit Leistungsendstufe
15. Klopfsensor 1, Klopfsensor 2, Klopfsensor 3, Drosselklappensteuereinheit, Motorsteuergerät	648
16. Motordrehzahlgeber, Hallgeber, Hallgeber 2, Hallgeber 3, Hallgeber 4, Motorsteuergerät	649
17. Motorsteuergerät, Potenziometer für Saugrohrklappe, Potenziometer für Saugrohrklappe, Potenziometer	650
für Saugrohrklappe 2, Motorsteuergerät
18. Gaspedalstellungsgeber, Motorsteuergerät	651
19. Ladegeber 2, Drucksensor für Bremskraftverstärkung, Hallgeber 4, Kraftstoffdruckgeber für	652
Niederdruck, Motorsteuergerät
20. Lambdasonde, Lambdasonde 2, Motorsteuergerät	653
21. Lambdasonde nach Katalysator, Lambdasonde 2 nach Katalysator, Motorsteuergerät	654
22. Motorsteuergerät, Einspritzventil für Zylinder 1, Einspritzventil für Zylinder 2,	655
Einspritzventil für Zylinder 8, Einspritzventil für Zylinder 8
23. Motorsteuergerät, Einspritzventil für Zylinder 3, Einspritzventil für Zylinder 4,	656
Einspritzventil für Zylinder 5, Einspritzventil für Zylinder 7
24. Kupplungspositionsgeber, Motorsteuergerät	657
25. Bremslichtschalter, Motorsteuergerät	658
26. Steuergerät für automatisches Getriebe, Diagnose-Interface für Datenbus, Motorsteuergerät	659
27. Steuergerät im Schalttafeleinsatz, Diagnose-Interface für Datenbus	660
28. Geber für Kraftstoffvorratsanzeige, Kraftstoffpumpe für Vorförderung, Steuergerät im	661
Schalttafeleinsatz, Steuergerät für Kraftstoffpumpe
29. Öldruckschalter, Schalter für Gangerkennung, Geber für Kühlmittelmangelanzeige,	662
Bordnetzsteuergerät, Magnetventil für Servotronic, Regelventil für Kompressor der Klimaanlage
088 - Achsantrieb hinten - Sportdifferenzial	663-669
1. Achsantrieb hinten - Sportdifferenzial	663
2. Steuergerät für Allradantrieb	664
3. Steuergerät für Allradantrieb	665
4. Steuergerät für ABS, Steuergerät für Allradantrieb, Steuergerät für aktive Lenkung, Sensoreinheit	666
für ESP, Sensoreinheit 2 für ESP, Steuergerät für aktive Lenkung
5. Öldruck- und Öltemperaturgeber, Öldruck- und Öltemperaturgeber 2, Steuergerät für Allradantrieb	667
6. Hinterachsdifferenzial, Kupplung für Allradantrieb, Kupplung 2 für Allradantrieb, Pumpe für	668
Allradantrieb, Pumpe für Allradantrieb
7. Steuergerät für Allradantrieb, Verbindung 2 (CAN-Bus Fahrwerk/Schaltanzeige, High) im	669
Hauptleitungsstrang, Verbindung 2 (CAN-Bus Fahrwerk/Schaltanzeige, Low) im Hauptleitungsstrang
089 - Schlussleuchten mit Leuchtdioden (LED), 2-Türer	670-672
1. Schlussleuchten mit Leuchtdioden (LED), 2-Türer	670
2. Bordnetzsteuergerät, Brems- und Schlusslicht links	671
3. Lampe für Brems- und Schlusslicht rechts	672
090 - Sicherungsbelegung	673-707
1. Sicherungsbelegung	673
2. Batterie, Steuergerät für Batterieüberwachung, Sicherung 1 auf Sicherungshalter A	674
3. Batterie, Sicherung 2 auf Sicherungshalter A, Sicherung 3 auf Sicherungshalter A	675
4. Zünder für Batterieunterbrechung, Leitungsverteiler 2 für Kl. 30, Fremdstartsteckdose	676
5. Anlasser, Drehstromgenerator, Leitungsverteiler 2 für Kl. 30, Fremdstartsteckdose	677
6. Sicherungshalter A, Relais 2 für Anlasser	678
7. Sicherung 1 auf Sicherungsträger B, Sicherung 5 auf Sicherungsträger B	679
8. Sicherung 10 auf Sicherungsträger B, Sicherung 12 auf Sicherungsträger B	680
9. Sicherung 16 auf Sicherungsträger B, Sicherung 17 auf Sicherungsträger B	681
10. Sicherungsträger B	682
11. Sicherungshalter C, Sicherungsträger 1	683
12. Sicherungshalter C, Sicherungsträger 1	684
13. Sicherungshalter C, Sicherungsträger 1	685
14. Sicherungshalter C, Sicherungsträger 2	686
15. Sicherungshalter C, Sicherungsträger 2	687
16. Sicherungshalter D, Sicherungsträger 1	688
17. Sicherungshalter D, Sicherungsträger 1	689
18. Sicherungshalter D, Sicherungsträger 1	690
19. Sicherungshalter D, Sicherungsträger 2	691
20. Sicherungshalter D, Sicherungsträger 2	692
21. Sicherungshalter E, Sicherungsträger 1	693
22. Sicherungshalter E, Sicherungsträger 1	694
23. Sicherungshalter F, Sicherungsträger 1	695
24. Sicherungshalter F, Sicherungsträger 2	696
25. Sicherungshalter F, Sicherungsträger 3	697
26. Sicherungshalter F, Sicherungsträger 3	698
27. Sicherungshalter F, Sicherungsträger 3	699
28. Sicherungshalter F, Sicherungsträger 3	700
29. Sicherungshalter F, Sicherungsträger 4	701
30. Sicherungshalter F, Sicherungsträger 4	702
31. Sicherungshalter F, Sicherungsträger 4	703
32. Sicherungshalter F, Sicherungsträger 5	704
33. Sicherungshalter F, Sicherungsträger 5	705
34. Sicherungshalter F, Sicherungsträger 5	706
35. Sicherungshalter F, Sicherungsträger 5	707
091 - Start-Stopp-System	708-711
1. Start-Stopp-System	708
2. Spannungsstabilisator	709
3. Relais für automatisch abblendbaren Innenspiegel	710
4. Taster für Start-Stopp-Betrieb	711
092 - 2,0-l-Benzinmotor mit Start-Stopp-System , CDNB,CDNC	712-736
1. 2,0-l-Benzinmotor mit Start-Stopp-System , CDNB,CDNC	712
2. Batterie, Relais für Spannungsversorgung der Kl. 15	713
3. Zünder für Batterieunterbrechung, Fremdstartsteckdose	714
4. Anlasser, Drehstromgenerator, Spannungsregler, Leitungsverteiler 2 für Kl. 30,	715
Fremdstartsteckdose
5. Hauptrelais, Stromversorgungsrelais für Motorkomponenten	716
6. Relais für Anlasser, Relais 2 für Anlasser, Motorsteuergerät	717
7. Öldruck- und Öltemperaturgeber	718
8. Magnetventil für Ladedruckbegrenzung, Magnetventil 1 für Aktivkohlebehälter, Ventil 1 für	719
Nockenwellenverstellung, Umluftventil für Turbolader
9. Magnetventil links für elektrohydraulische Motorlagerung, Magnetventil rechts für	720
elektrohydraulische Motorlagerung, Ventil für
Öldruckregelung
10. Stellelement 1 für Nockenverstellung, Pumpe für Kühlmittelnachlauf	721
11. Stellelement 8 für Nockenverstellung, Stellelement 7 für Nockenverstellung, Stellelement 8 für	722
Nockenverstellung, Sensor für Gangerkennung
12. Zündspule 1 mit Leistungsendstufe, Zündspule 2 mit Leistungsendstufe,	723
Zündspule 3 mit Leistungsendstufe, Zündspule 4 mit Leistungsendstufe
13. Gaspedalstellungsgeber, Motorsteuergerät, Gaspedalstellungsgeber, Geber 2 für Gaspedalstellung	724
14. Kraftstoffdruckgeber, Drosselklappensteuereinheit	725
15. Kraftstoffdruckgeber, Potenziometer für Saugrohrklappe	726
16. Öldruckschalter für reduzierten Öldruck, Potenziometer für Saugrohrklappe	727
17. Luftmassenmesser, Motorsteuergerät, Regelventil für Kraftstoffdruck	728
18. Einspritzventil für Zylinder 1, Einspritzventil für Zylinder 2, Einspritzventil für Zylinder 3,	729
Einspritzventil für Zylinder 4
19. Lambdasonde, Lambdasonde nach Katalysator	730
20. Kupplungspositionsgeber	731
21. Bremslichtschalter, Steuergerät für Lenksäulenelektronik	732
22. Diagnose-Interface für Datenbus	733
23. Steuergerät im Schalttafeleinsatz, Diagnose-Interface für Datenbus	734
24. Geber für Kraftstoffvorratsanzeige, Kraftstoffpumpe für Vorförderung, Kraftstoffdruckgeber 2,	735
Steuergerät im Schalttafeleinsatz, Steuergerät für Kraftstoffpumpe
25. Öldruckschalter, Geber für Kühlmittelmangelanzeige, Bordnetzsteuergerät	736
093 - 2,0-l-Dieselmotor mit Start-Stopp-System , CAGA,CAGB,CAHA,CAHB	737-760
1. 2,0-l-Dieselmotor mit Start-Stopp-System , CAGA,CAGB,CAHA,CAHB	737
2. Batterie, Relais für Spannungsversorgung der Kl. 15	738
3. Zünder für Batterieunterbrechung, Fremdstartsteckdose	739
4. Anlasser, Drehstromgenerator, Spannungsregler, Leitungsverteiler 2 für Kl. 30,	740
Fremdstartsteckdose
5. Kraftstoffpumpenrelais, Relais für Spannungsversorgung der Kl. 30, Motorsteuergerät	741
6. Relais für Anlasser, Relais 2 für Anlasser, Motorsteuergerät	742
7. Steuergerät für Glühzeitautomatik, Motorsteuergerät	743
8. Öldruck- und Öltemperaturgeber, Geber für Kühlmitteltemperatur, Absperrventil für Kühlmittel der Climatronic,	744
Pumpe für Kühler der Abgasrückführung
9. Motorsteuergerät, Magnetventil für Ladedruckbegrenzung, Magnetventil für	745
Kurbelgehäuseentlüftung, Magnetventil links für elektrohydraulische Motorlagerung, Magnetventil
rechts für elektrohydraulische Motorlagerung, Ventil für Bypassklappe des Luftfilters,
Umschaltventil für Kühler der Abgasrückführung
10. Relais für kleine Heizleistung, Relais für große Heizleistung, Motorsteuergerät, Heizelement für	746
Luftzusatzheizung
11. Gaspedalstellungsgeber, Geber 2 für Gaspedalstellung, Motorsteuergerät	747
12. Motordrehzahlgeber, Hallgeber, Geber für Schaltsaugrohrposition, Motorsteuergerät, Motor für	748
Schaltsaugrohr
13. Drosselklappenpotentiometer, Potenziometer für Abgasrückführung, Kraftstoffdruckgeber,	749
Motorsteuergerät, Abgasrückführungsventil, Motor für Saugrohrklappe
14. Ladedruckgeber, Ansauglufttemperaturgeber, Kraftstofftemperaturgeber, Drucksensor 1 für Abgas,	750
Positionsgeber für Ladedrucksteller, Geber für Getriebe-Neutralstellung, Motorsteuergerät
15. Luftmassenmesser, Motorsteuergerät, Regelventil für Kraftstoffdruck	751
16. Kühlmitteltemperaturgeber, Kühlmitteltemperaturgeber am Kühlerausgang, Abgastemperaturgeber 1,	752
Abgastemperaturgeber 3, Abgastemperaturgeber 4, Motorsteuergerät
17. Lambdasonde, Motorsteuergerät	753
18. Motorsteuergerät, Einspritzventil für Zylinder 1, Einspritzventil für Zylinder 2,	754
Einspritzventil für Zylinder 3, Einspritzventil für Zylinder 4
19. Kupplungspositionsgeber, Motorsteuergerät	755
20. Bremslichtschalter, Steuergerät für Kraftstoffpumpe	756
